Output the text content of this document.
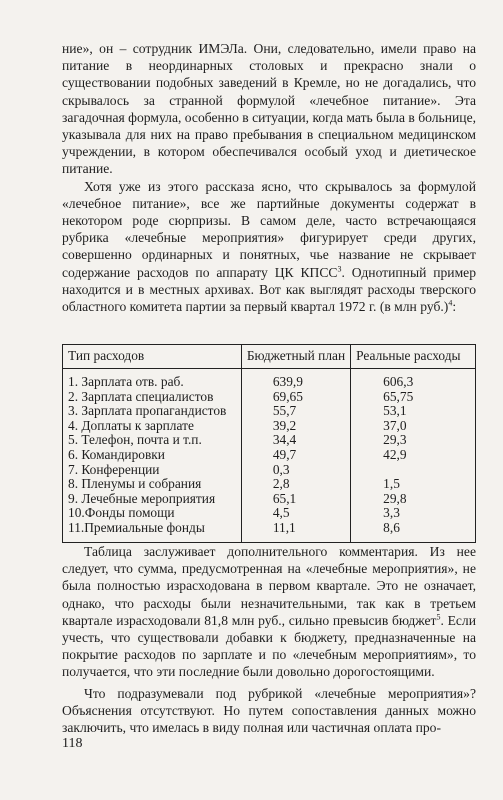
ние», он – сотрудник ИМЭЛа. Они, следовательно, имели право на питание в неординарных столовых и прекрасно знали о существовании подобных заведений в Кремле, но не догадались, что скрывалось за странной формулой «лечебное питание». Эта загадочная формула, особенно в ситуации, когда мать была в больнице, указывала для них на право пребывания в специальном медицинском учреждении, в котором обеспечивался особый уход и диетическое питание.

Хотя уже из этого рассказа ясно, что скрывалось за формулой «лечебное питание», все же партийные документы содержат в некотором роде сюрпризы. В самом деле, часто встречающаяся рубрика «лечебные мероприятия» фигурирует среди других, совершенно ординарных и понятных, чье название не скрывает содержание расходов по аппарату ЦК КПСС$^3$. Однотипный пример находится и в местных архивах. Вот как выглядят расходы тверского областного комитета партии за первый квартал 1972 г. (в млн руб.)$^4$:

Тип расходов	Бюджетный план	Реальные расходы
1. Зарплата отв. раб.	639,9	606,3
2. Зарплата специалистов	69,65	65,75
3. Зарплата пропагандистов	55,7	53,1
4. Доплаты к зарплате	39,2	37,0
5. Телефон, почта и т.п.	34,4	29,3
6. Командировки	49,7	42,9
7. Конференции	0,3	
8. Пленумы и собрания	2,8	1,5
9. Лечебные мероприятия	65,1	29,8
10.Фонды помощи	4,5	3,3
11.Премиальные фонды	11,1	8,6

Таблица заслуживает дополнительного комментария. Из нее следует, что сумма, предусмотренная на «лечебные мероприятия», не была полностью израсходована в первом квартале. Это не означает, однако, что расходы были незначительными, так как в третьем квартале израсходовали 81,8 млн руб., сильно превысив бюджет$^5$. Если учесть, что существовали добавки к бюджету, предназначенные на покрытие расходов по зарплате и по «лечебным мероприятиям», то получается, что эти последние были довольно дорогостоящими.

Что подразумевали под рубрикой «лечебные мероприятия»? Объяснения отсутствуют. Но путем сопоставления данных можно заключить, что имелась в виду полная или частичная оплата про-

118
